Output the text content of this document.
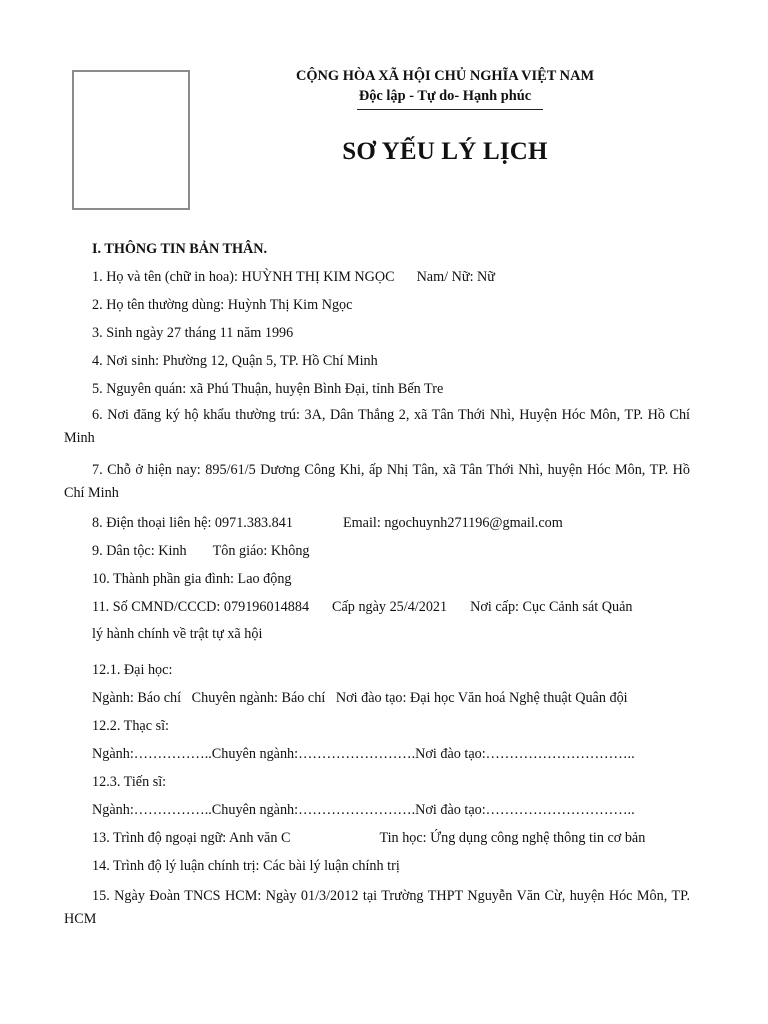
CỘNG HÒA XÃ HỘI CHỦ NGHĨA VIỆT NAM

Độc lập - Tự do- Hạnh phúc

SƠ YẾU LÝ LỊCH

I. THÔNG TIN BẢN THÂN.

1. Họ và tên (chữ in hoa): HUỲNH THỊ KIM NGỌC Nam/ Nữ: Nữ

2. Họ tên thường dùng: Huỳnh Thị Kim Ngọc

3. Sinh ngày 27 tháng 11 năm 1996

4. Nơi sinh: Phường 12, Quận 5, TP. Hồ Chí Minh

5. Nguyên quán: xã Phú Thuận, huyện Bình Đại, tỉnh Bến Tre

6. Nơi đăng ký hộ khẩu thường trú: 3A, Dân Thắng 2, xã Tân Thới Nhì, Huyện Hóc Môn, TP. Hồ Chí Minh

7. Chỗ ở hiện nay: 895/61/5 Dương Công Khi, ấp Nhị Tân, xã Tân Thới Nhì, huyện Hóc Môn, TP. Hồ Chí Minh

8. Điện thoại liên hệ: 0971.383.841	Email: ngochuynh271196@gmail.com

9. Dân tộc: Kinh Tôn giáo: Không

10. Thành phần gia đình: Lao động

11. Số CMND/CCCD: 079196014884 Cấp ngày 25/4/2021 Nơi cấp: Cục Cảnh sát Quản

lý hành chính về trật tự xã hội

12.1. Đại học:

Ngành: Báo chí   Chuyên ngành: Báo chí   Nơi đào tạo: Đại học Văn hoá Nghệ thuật Quân đội

12.2. Thạc sĩ:

Ngành:……………..Chuyên ngành:…………………….Nơi đào tạo:…………………………..

12.3. Tiến sĩ:

Ngành:……………..Chuyên ngành:…………………….Nơi đào tạo:…………………………..

13. Trình độ ngoại ngữ: Anh văn C	Tin học: Ứng dụng công nghệ thông tin cơ bản

14. Trình độ lý luận chính trị: Các bài lý luận chính trị

15. Ngày Đoàn TNCS HCM: Ngày 01/3/2012 tại Trường THPT Nguyễn Văn Cừ, huyện Hóc Môn, TP. HCM
